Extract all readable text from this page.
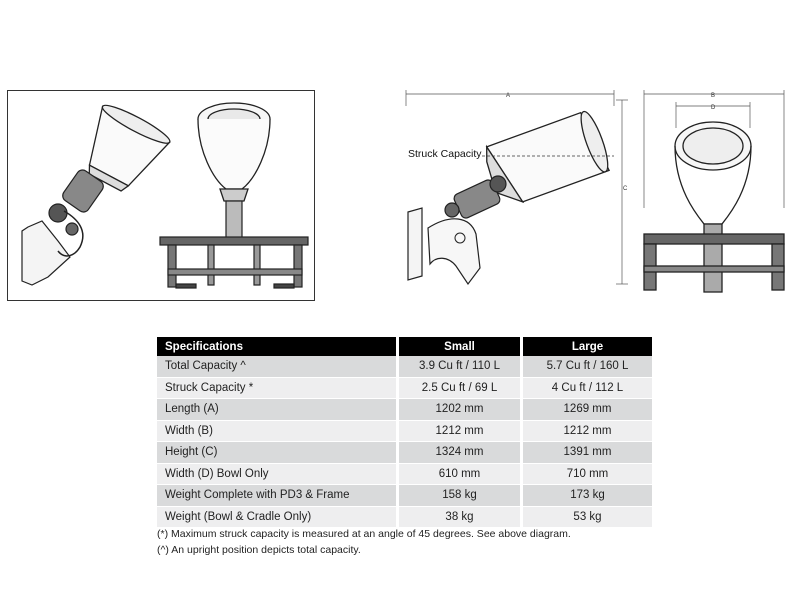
A
C
Struck Capacity
B
D
Specifications	Small	Large
Total Capacity ^	3.9 Cu ft / 110 L	5.7 Cu ft / 160 L
Struck Capacity *	2.5 Cu ft / 69 L	4 Cu ft / 112 L
Length (A)	1202 mm	1269 mm
Width (B)	1212 mm	1212 mm
Height (C)	1324 mm	1391 mm
Width (D) Bowl Only	610 mm	710 mm
Weight Complete with PD3 & Frame	158 kg	173 kg
Weight (Bowl & Cradle Only)	38 kg	53 kg
(*) Maximum struck capacity is measured at an angle of 45 degrees. See above diagram.
(^) An upright position depicts total capacity.
